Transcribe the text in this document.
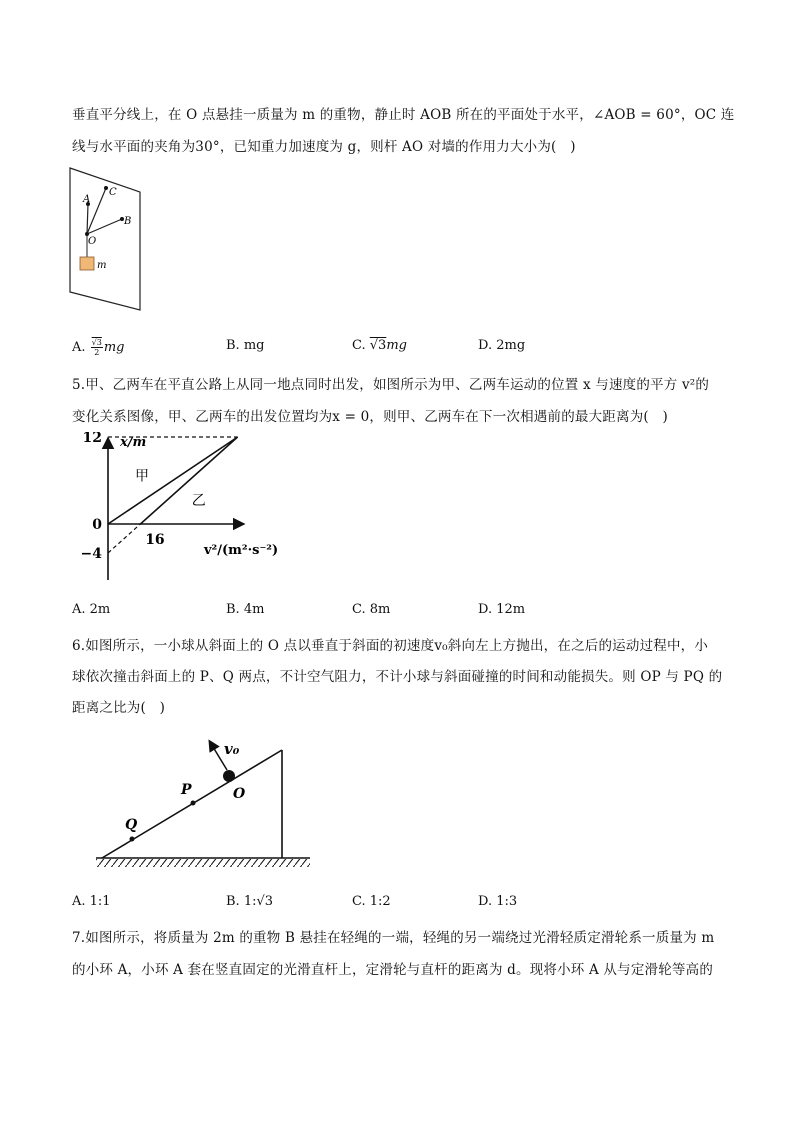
垂直平分线上，在 O 点悬挂一质量为 m 的重物，静止时 AOB 所在的平面处于水平，∠AOB = 60°，OC 连
线与水平面的夹角为30°，已知重力加速度为 g，则杆 AO 对墙的作用力大小为(　)
A
C
B
O
m
A. $\frac{√3}{2}$ mg	B. mg	C. √3mg	D. 2mg
5.甲、乙两车在平直公路上从同一地点同时出发，如图所示为甲、乙两车运动的位置 x 与速度的平方 v²的
变化关系图像，甲、乙两车的出发位置均为x = 0，则甲、乙两车在下一次相遇前的最大距离为(　)
x/m
v²/(m²·s⁻²)
12
0
−4
16
甲
乙
A. 2m	B. 4m	C. 8m	D. 12m
6.如图所示，一小球从斜面上的 O 点以垂直于斜面的初速度v₀斜向左上方抛出，在之后的运动过程中，小
球依次撞击斜面上的 P、Q 两点，不计空气阻力，不计小球与斜面碰撞的时间和动能损失。则 OP 与 PQ 的
距离之比为(　)
v₀
P	O
Q
A. 1:1	B. 1:√3	C. 1:2	D. 1:3
7.如图所示，将质量为 2m 的重物 B 悬挂在轻绳的一端，轻绳的另一端绕过光滑轻质定滑轮系一质量为 m
的小环 A，小环 A 套在竖直固定的光滑直杆上，定滑轮与直杆的距离为 d。现将小环 A 从与定滑轮等高的
